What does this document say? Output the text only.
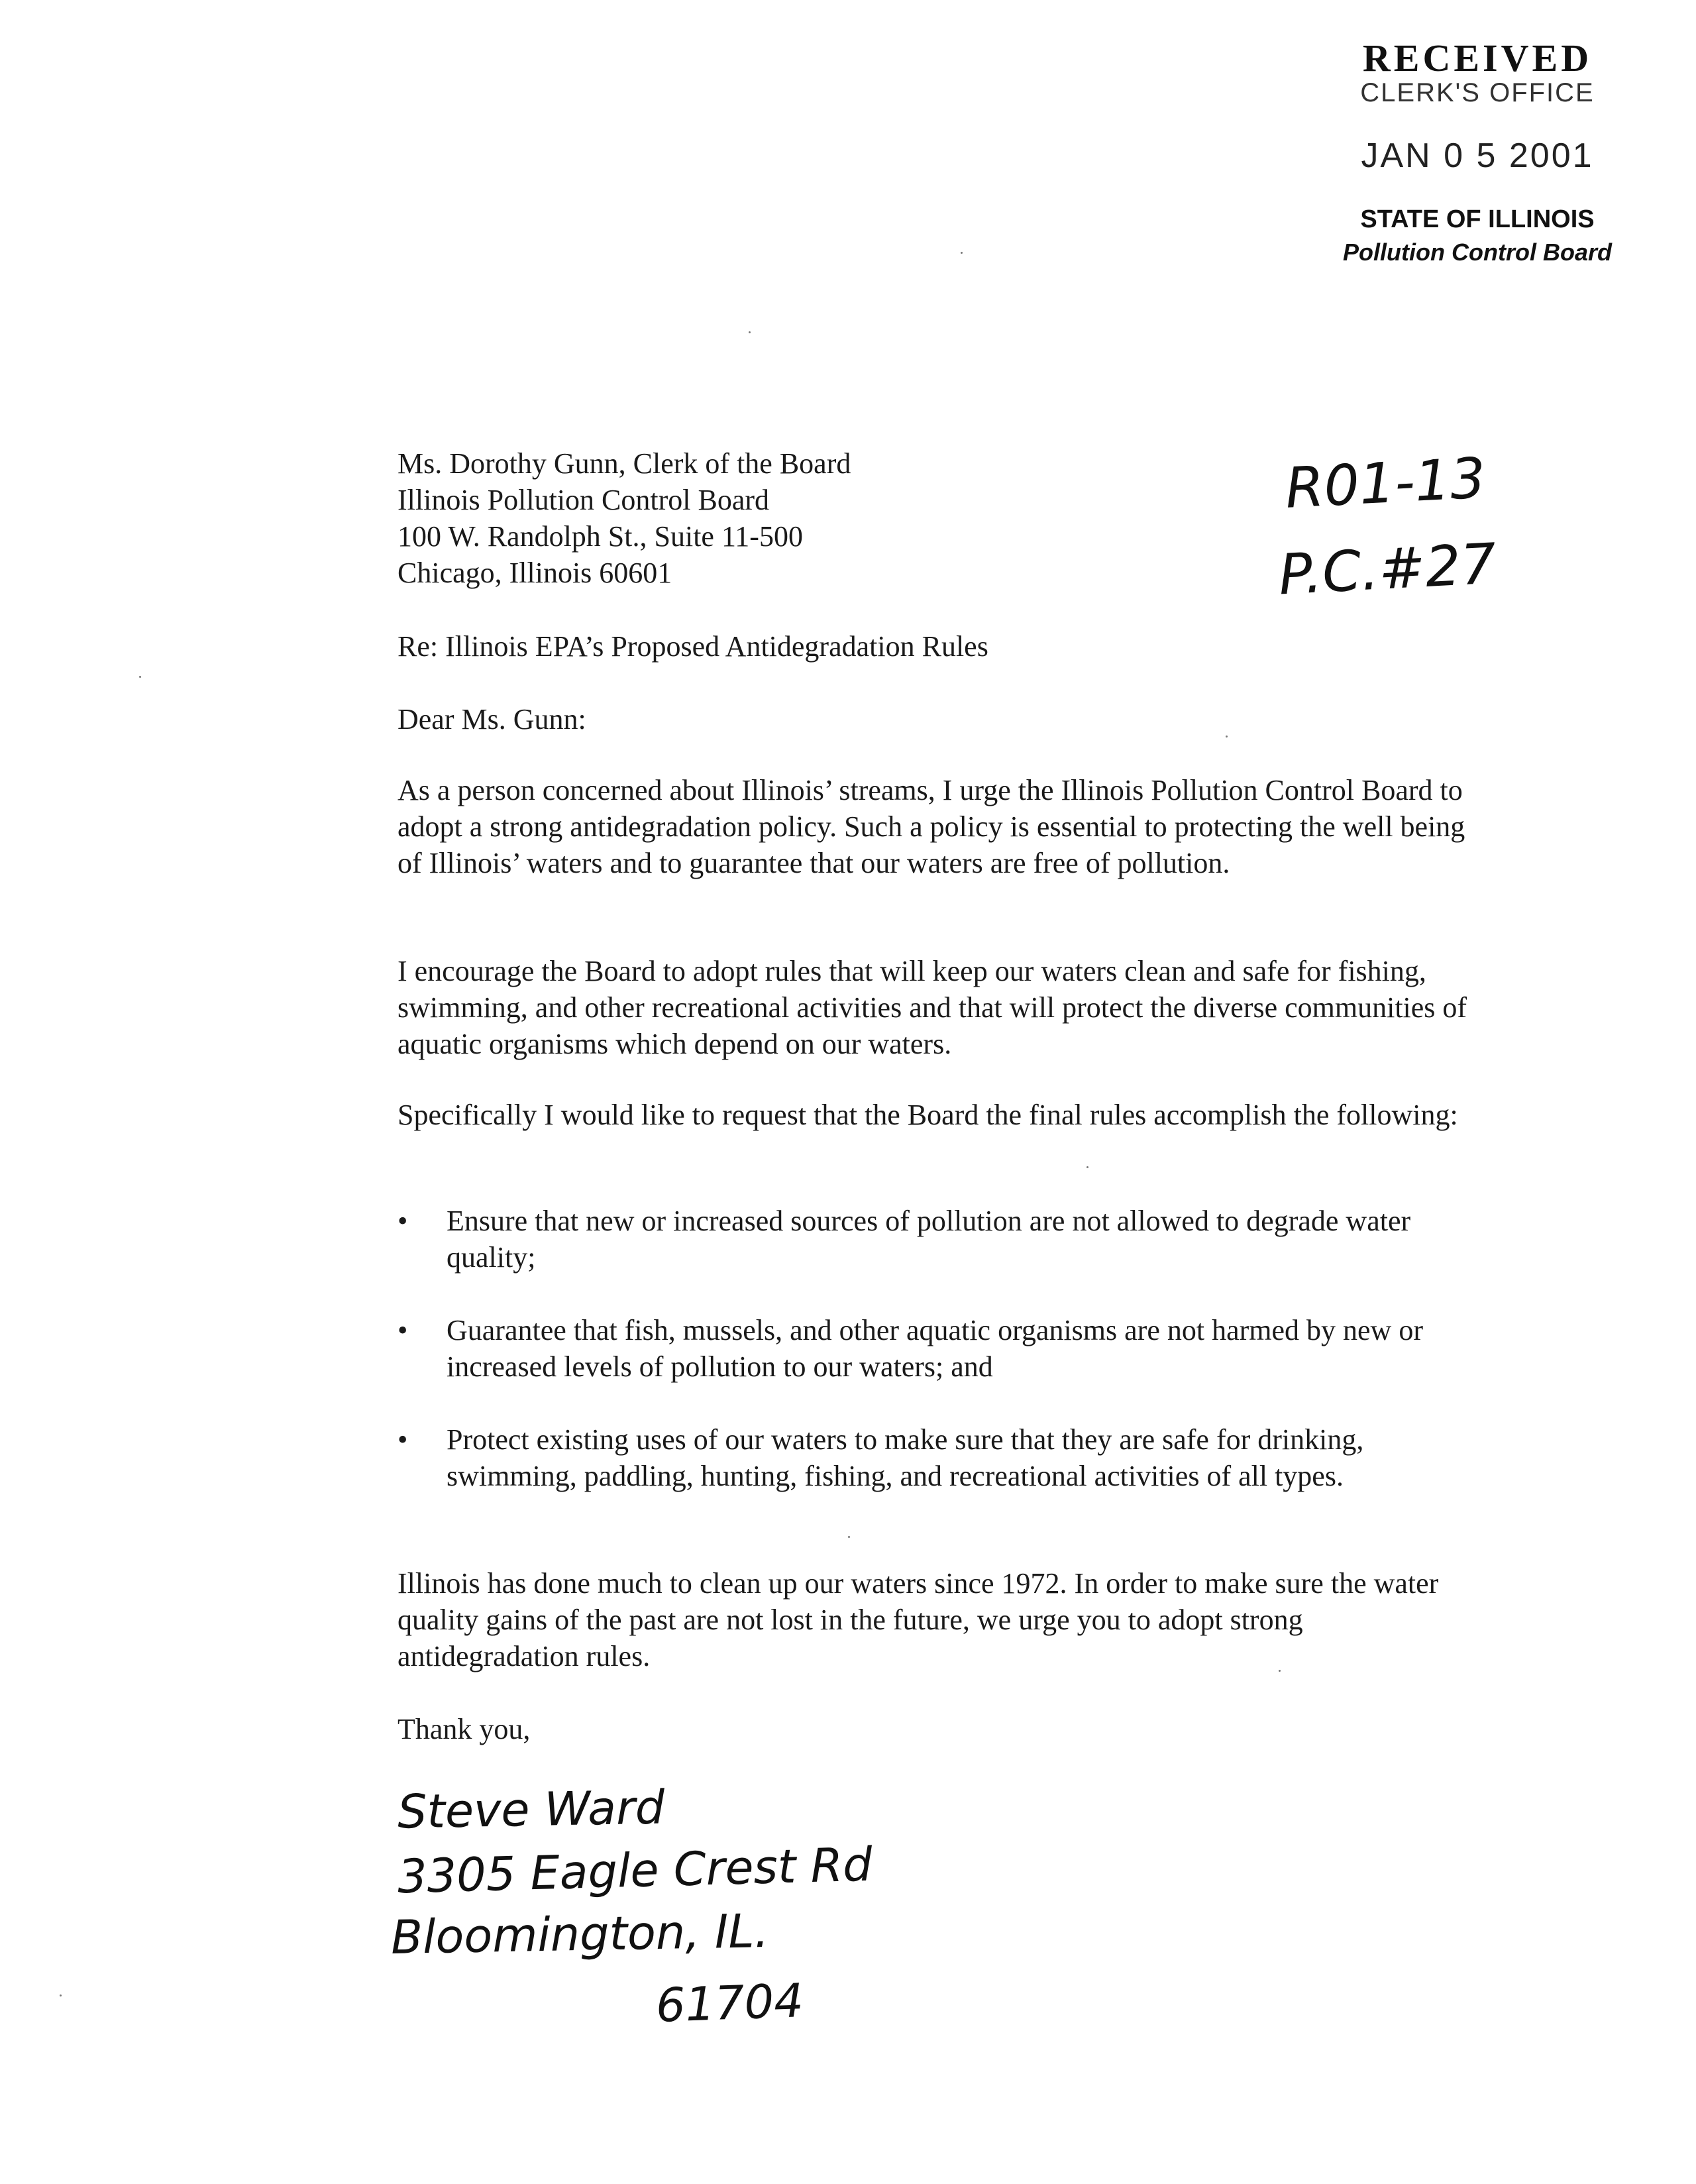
RECEIVED
CLERK'S OFFICE
JAN 0 5 2001
STATE OF ILLINOIS
Pollution Control Board
R01-13
P.C.#27
Ms. Dorothy Gunn, Clerk of the Board
Illinois Pollution Control Board
100 W. Randolph St., Suite 11-500
Chicago, Illinois 60601
Re: Illinois EPA’s Proposed Antidegradation Rules
Dear Ms. Gunn:
As a person concerned about Illinois’ streams, I urge the Illinois Pollution Control Board to adopt a strong antidegradation policy. Such a policy is essential to protecting the well being of Illinois’ waters and to guarantee that our waters are free of pollution.
I encourage the Board to adopt rules that will keep our waters clean and safe for fishing, swimming, and other recreational activities and that will protect the diverse communities of aquatic organisms which depend on our waters.
Specifically I would like to request that the Board the final rules accomplish the following:
•	Ensure that new or increased sources of pollution are not allowed to degrade water quality;
•	Guarantee that fish, mussels, and other aquatic organisms are not harmed by new or increased levels of pollution to our waters; and
•	Protect existing uses of our waters to make sure that they are safe for drinking, swimming, paddling, hunting, fishing, and recreational activities of all types.
Illinois has done much to clean up our waters since 1972. In order to make sure the water quality gains of the past are not lost in the future, we urge you to adopt strong antidegradation rules.
Thank you,
Steve Ward
3305 Eagle Crest Rd
Bloomington, IL.
61704
